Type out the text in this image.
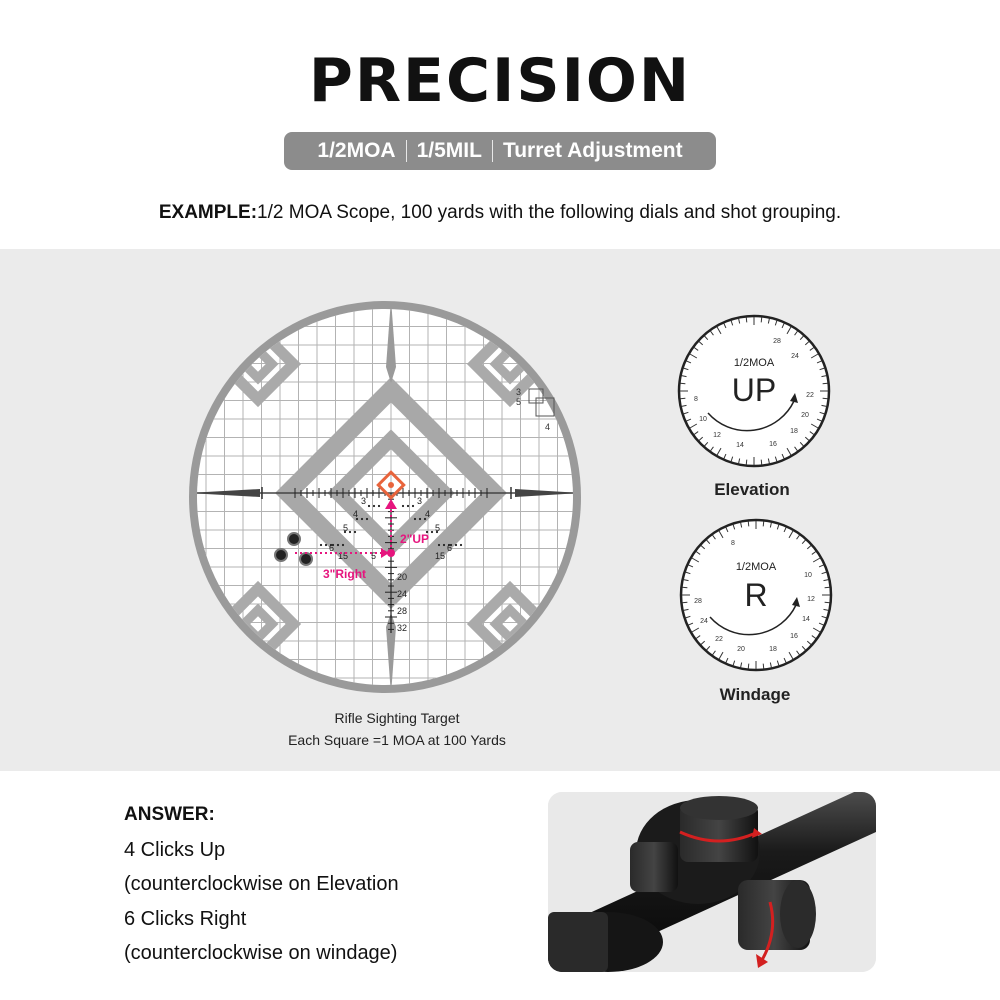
PRECISION
1/2MOA 1/5MIL Turret Adjustment
EXAMPLE:1/2 MOA Scope, 100 yards with the following dials and shot grouping.
3
5
4
3
4
5
6
15
3
4
5
6
15
5
20
24
28
32
2"UP
3"Right
Rifle Sighting Target
Each Square =1 MOA at 100 Yards
28
24
22
20
18
16
14
12
10
8
1/2MOA
UP
Elevation
8
10
12
14
16
18
20
22
24
28
1/2MOA
R
Windage
ANSWER:
4 Clicks Up
(counterclockwise on Elevation
6 Clicks Right
(counterclockwise on windage)
